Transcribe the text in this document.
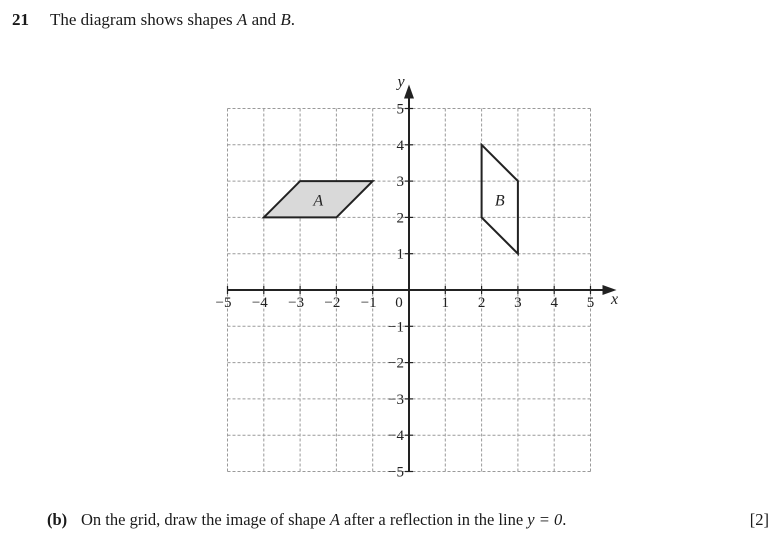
21 The diagram shows shapes A and B.
−5 −4 −3 −2 −1	1 2 3 4 5
5
4
3
2
1
−1
−2
−3
−4
−5
0	x
y
A	B
(b) On the grid, draw the image of shape A after a reflection in the line y = 0.	[2]
